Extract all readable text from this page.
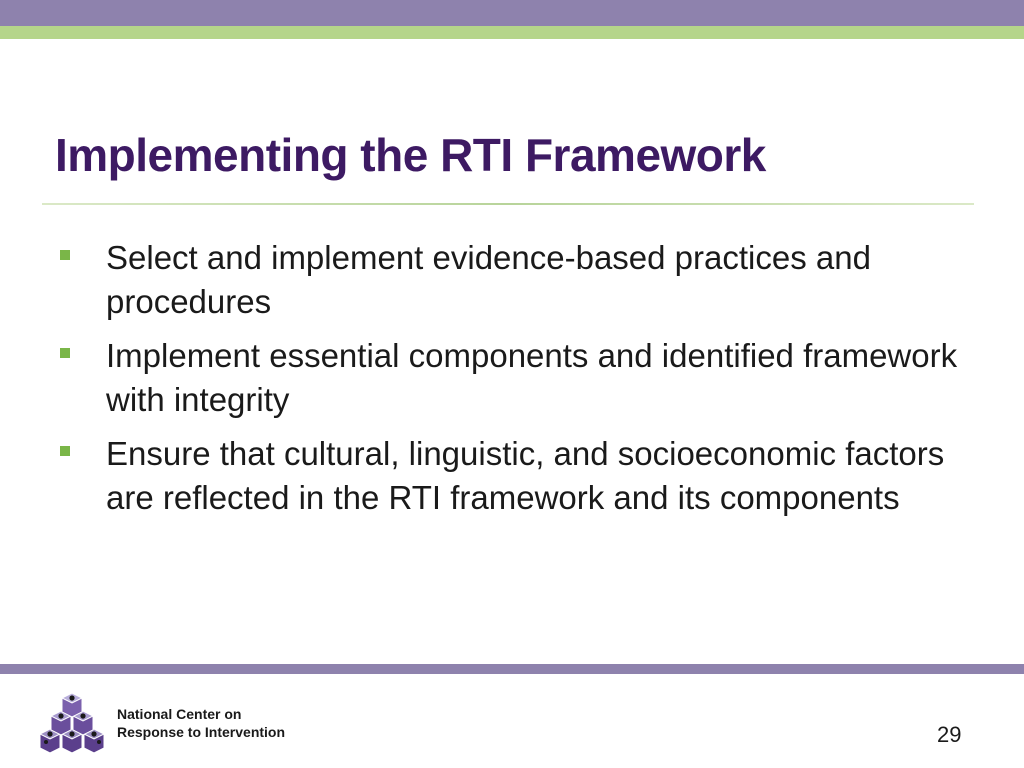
Implementing the RTI Framework
Select and implement evidence-based practices and procedures
Implement essential components and identified framework with integrity
Ensure that cultural, linguistic, and socioeconomic factors are reflected in the RTI framework and its components
National Center on
Response to Intervention	29
